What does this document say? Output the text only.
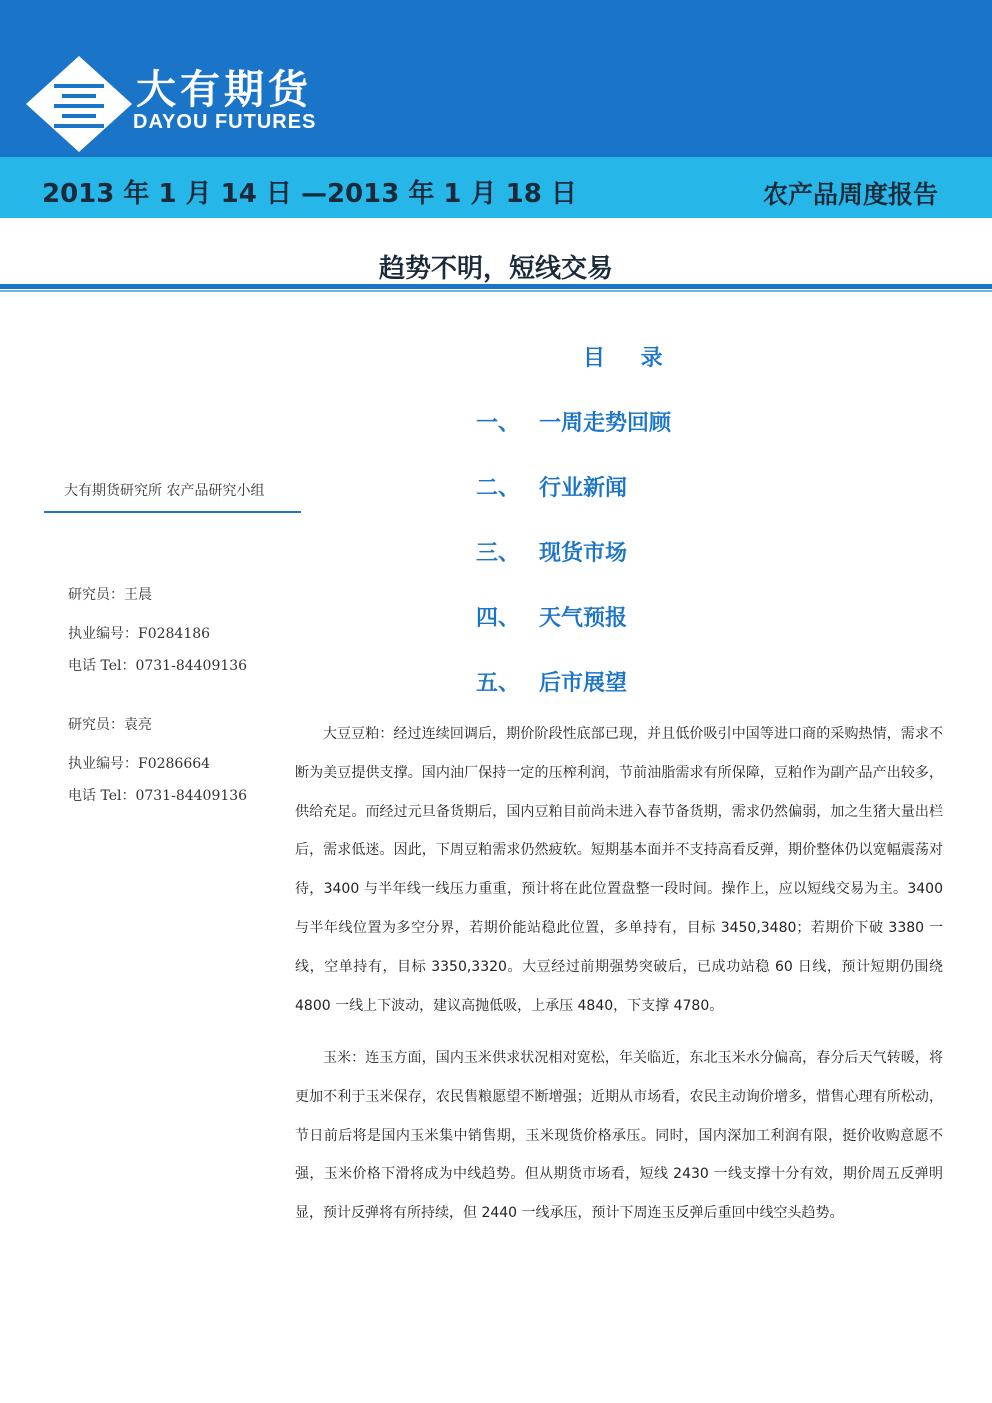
大有期货
DAYOU FUTURES
2013 年 1 月 14 日 —2013 年 1 月 18 日	农产品周度报告
趋势不明，短线交易
目 录
一、 一周走势回顾
二、 行业新闻
三、 现货市场
四、 天气预报
五、 后市展望
大有期货研究所 农产品研究小组
研究员：王晨
执业编号：F0284186
电话 Tel：0731-84409136
研究员：袁亮
执业编号：F0286664
电话 Tel：0731-84409136
大豆豆粕：经过连续回调后，期价阶段性底部已现，并且低价吸引中国等进口商的采购热情，需求不断为美豆提供支撑。国内油厂保持一定的压榨利润，节前油脂需求有所保障，豆粕作为副产品产出较多，供给充足。而经过元旦备货期后，国内豆粕目前尚未进入春节备货期，需求仍然偏弱，加之生猪大量出栏后，需求低迷。因此，下周豆粕需求仍然疲软。短期基本面并不支持高看反弹，期价整体仍以宽幅震荡对待，3400 与半年线一线压力重重，预计将在此位置盘整一段时间。操作上，应以短线交易为主。3400 与半年线位置为多空分界，若期价能站稳此位置，多单持有，目标 3450,3480；若期价下破 3380 一线，空单持有，目标 3350,3320。大豆经过前期强势突破后，已成功站稳 60 日线，预计短期仍围绕 4800 一线上下波动，建议高抛低吸，上承压 4840，下支撑 4780。
玉米：连玉方面，国内玉米供求状况相对宽松，年关临近，东北玉米水分偏高，春分后天气转暖，将更加不利于玉米保存，农民售粮愿望不断增强；近期从市场看，农民主动询价增多，惜售心理有所松动，节日前后将是国内玉米集中销售期，玉米现货价格承压。同时，国内深加工利润有限，挺价收购意愿不强，玉米价格下滑将成为中线趋势。但从期货市场看，短线 2430 一线支撑十分有效，期价周五反弹明显，预计反弹将有所持续，但 2440 一线承压，预计下周连玉反弹后重回中线空头趋势。
